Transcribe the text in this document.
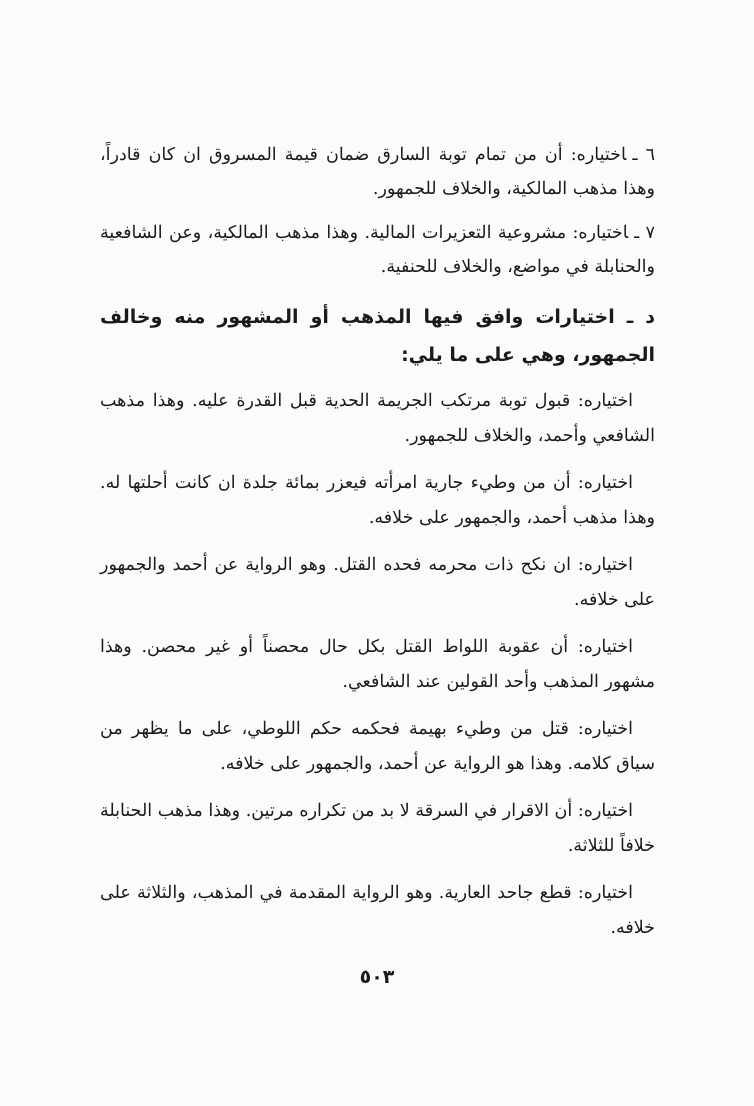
٦ ـاختياره: أن من تمام توبة السارق ضمان قيمة المسروق ان كان قادراً، وهذا مذهب المالكية، والخلاف للجمهور.

٧ ـاختياره: مشروعية التعزيرات المالية. وهذا مذهب المالكية، وعن الشافعية والحنابلة في مواضع، والخلاف للحنفية.

د ـ اختيارات وافق فيها المذهب أو المشهور منه وخالف الجمهور، وهي على ما يلي:

اختياره: قبول توبة مرتكب الجريمة الحدية قبل القدرة عليه. وهذا مذهب الشافعي وأحمد، والخلاف للجمهور.

اختياره: أن من وطيء جارية امرأته فيعزر بمائة جلدة ان كانت أحلتها له. وهذا مذهب أحمد، والجمهور على خلافه.

اختياره: ان نكح ذات محرمه فحده القتل. وهو الرواية عن أحمد والجمهور على خلافه.

اختياره: أن عقوبة اللواط القتل بكل حال محصناً أو غير محصن. وهذا مشهور المذهب وأحد القولين عند الشافعي.

اختياره: قتل من وطيء بهيمة فحكمه حكم اللوطي، على ما يظهر من سياق كلامه. وهذا هو الرواية عن أحمد، والجمهور على خلافه.

اختياره: أن الاقرار في السرقة لا بد من تكراره مرتين. وهذا مذهب الحنابلة خلافاً للثلاثة.

اختياره: قطع جاحد العارية. وهو الرواية المقدمة في المذهب، والثلاثة على خلافه.

٥٠٣
